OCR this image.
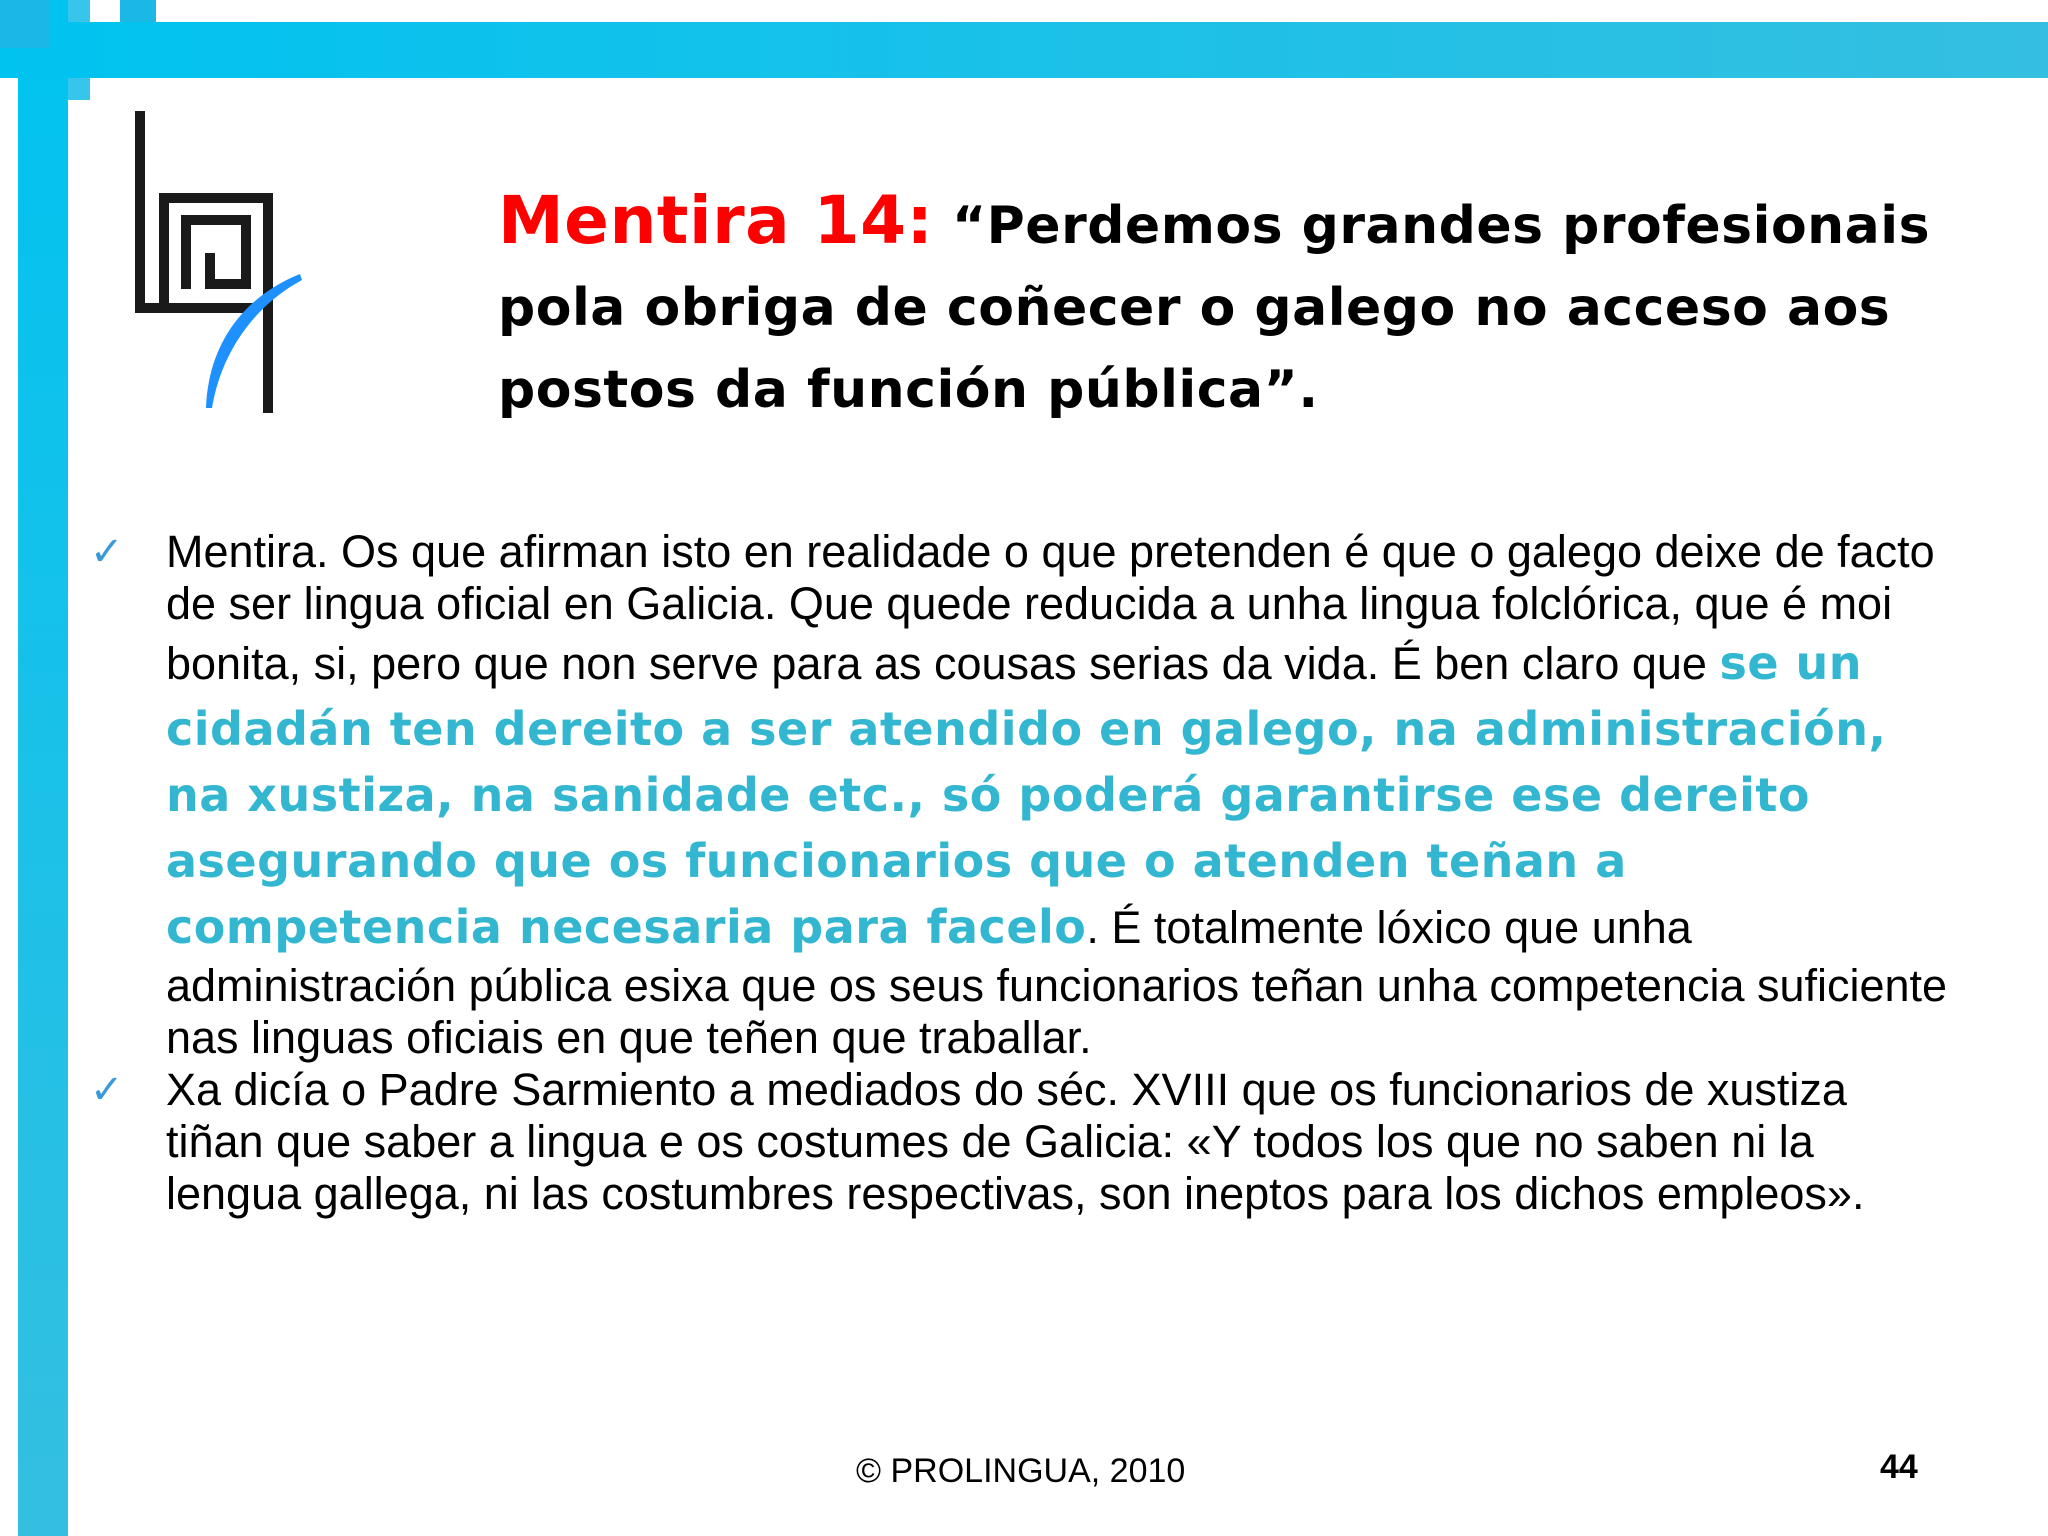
Mentira 14: “Perdemos grandes profesionais pola obriga de coñecer o galego no acceso aos postos da función pública”.
✓ Mentira. Os que afirman isto en realidade o que pretenden é que o galego deixe de facto de ser lingua oficial en Galicia. Que quede reducida a unha lingua folclórica, que é moi bonita, si, pero que non serve para as cousas serias da vida. É ben claro que se un cidadán ten dereito a ser atendido en galego, na administración, na xustiza, na sanidade etc., só poderá garantirse ese dereito asegurando que os funcionarios que o atenden teñan a competencia necesaria para facelo. É totalmente lóxico que unha administración pública esixa que os seus funcionarios teñan unha competencia suficiente nas linguas oficiais en que teñen que traballar.
✓ Xa dicía o Padre Sarmiento a mediados do séc. XVIII que os funcionarios de xustiza tiñan que saber a lingua e os costumes de Galicia: «Y todos los que no saben ni la lengua gallega, ni las costumbres respectivas, son ineptos para los dichos empleos».
© PROLINGUA, 2010	44
